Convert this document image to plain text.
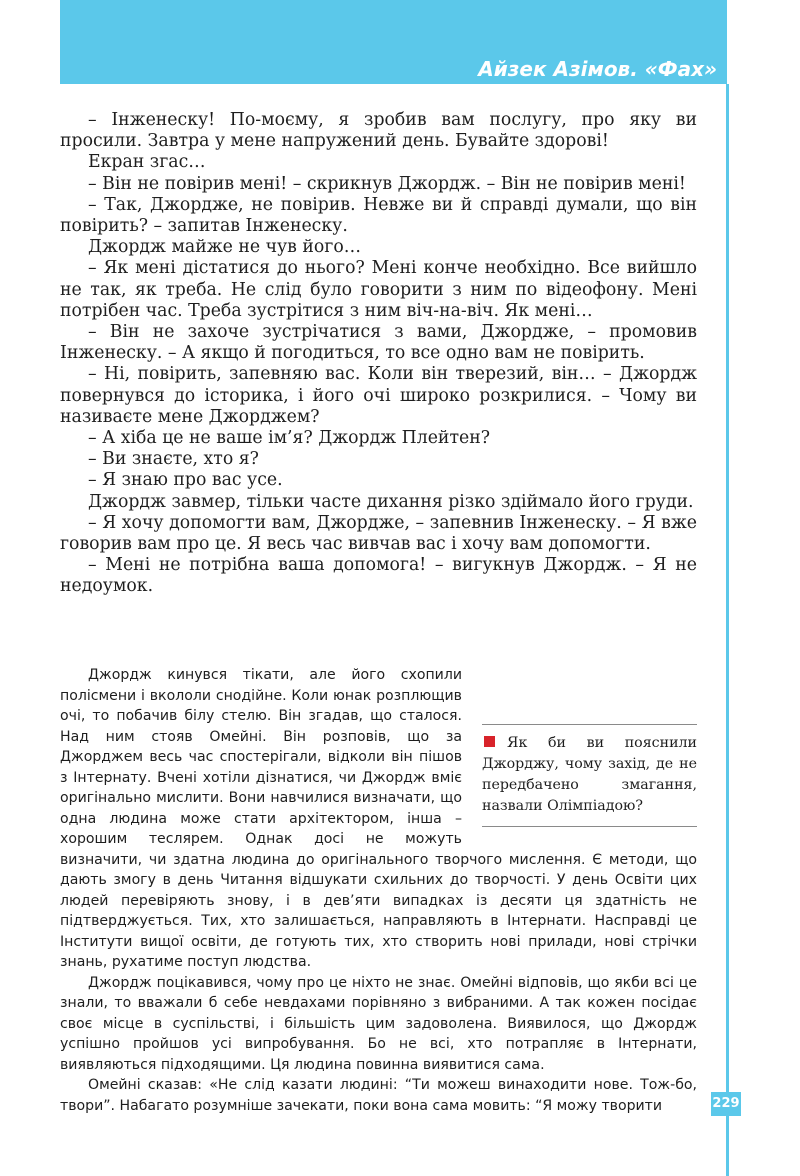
Айзек Азімов. «Фах»

– Інженеску! По-моєму, я зробив вам послугу, про яку ви просили. Завтра у мене напружений день. Бувайте здорові!

Екран згас…

– Він не повірив мені! – скрикнув Джордж. – Він не повірив мені!

– Так, Джордже, не повірив. Невже ви й справді думали, що він повірить? – запитав Інженеску.

Джордж майже не чув його…

– Як мені дістатися до нього? Мені конче необхідно. Все вийшло не так, як треба. Не слід було говорити з ним по відеофону. Мені потрібен час. Треба зустрітися з ним віч-на-віч. Як мені…

– Він не захоче зустрічатися з вами, Джордже, – промовив Інженеску. – А якщо й погодиться, то все одно вам не повірить.

– Ні, повірить, запевняю вас. Коли він тверезий, він… – Джордж повернувся до історика, і його очі широко розкрилися. – Чому ви називаєте мене Джорджем?

– А хіба це не ваше ім’я? Джордж Плейтен?

– Ви знаєте, хто я?

– Я знаю про вас усе.

Джордж завмер, тільки часте дихання різко здіймало його груди.

– Я хочу допомогти вам, Джордже, – запевнив Інженеску. – Я вже говорив вам про це. Я весь час вивчав вас і хочу вам допомогти.

– Мені не потрібна ваша допомога! – вигукнув Джордж. – Я не недоумок.

Як би ви пояснили Джорджу, чому захід, де не передбачено змагання, назвали Олімпіадою?

Джордж кинувся тікати, але його схопили полісмени і вкололи снодійне. Коли юнак розплющив очі, то побачив білу стелю. Він згадав, що сталося. Над ним стояв Омейні. Він розповів, що за Джорджем весь час спостерігали, відколи він пішов з Інтернату. Вчені хотіли дізнатися, чи Джордж вміє оригінально мислити. Вони навчилися визначати, що одна людина може стати архітектором, інша – хорошим теслярем. Однак досі не можуть визначити, чи здатна людина до оригінального творчого мислення. Є методи, що дають змогу в день Читання відшукати схильних до творчості. У день Освіти цих людей перевіряють знову, і в дев’яти випадках із десяти ця здатність не підтверджується. Тих, хто залишається, направляють в Інтернати. Насправді це Інститути вищої освіти, де готують тих, хто створить нові прилади, нові стрічки знань, рухатиме поступ людства.

Джордж поцікавився, чому про це ніхто не знає. Омейні відповів, що якби всі це знали, то вважали б себе невдахами порівняно з вибраними. А так кожен посідає своє місце в суспільстві, і більшість цим задоволена. Виявилося, що Джордж успішно пройшов усі випробування. Бо не всі, хто потрапляє в Інтернати, виявляються підходящими. Ця людина повинна виявитися сама.

Омейні сказав: «Не слід казати людині: “Ти можеш винаходити нове. Тож-бо, твори”. Набагато розумніше зачекати, поки вона сама мовить: “Я можу творити	229
